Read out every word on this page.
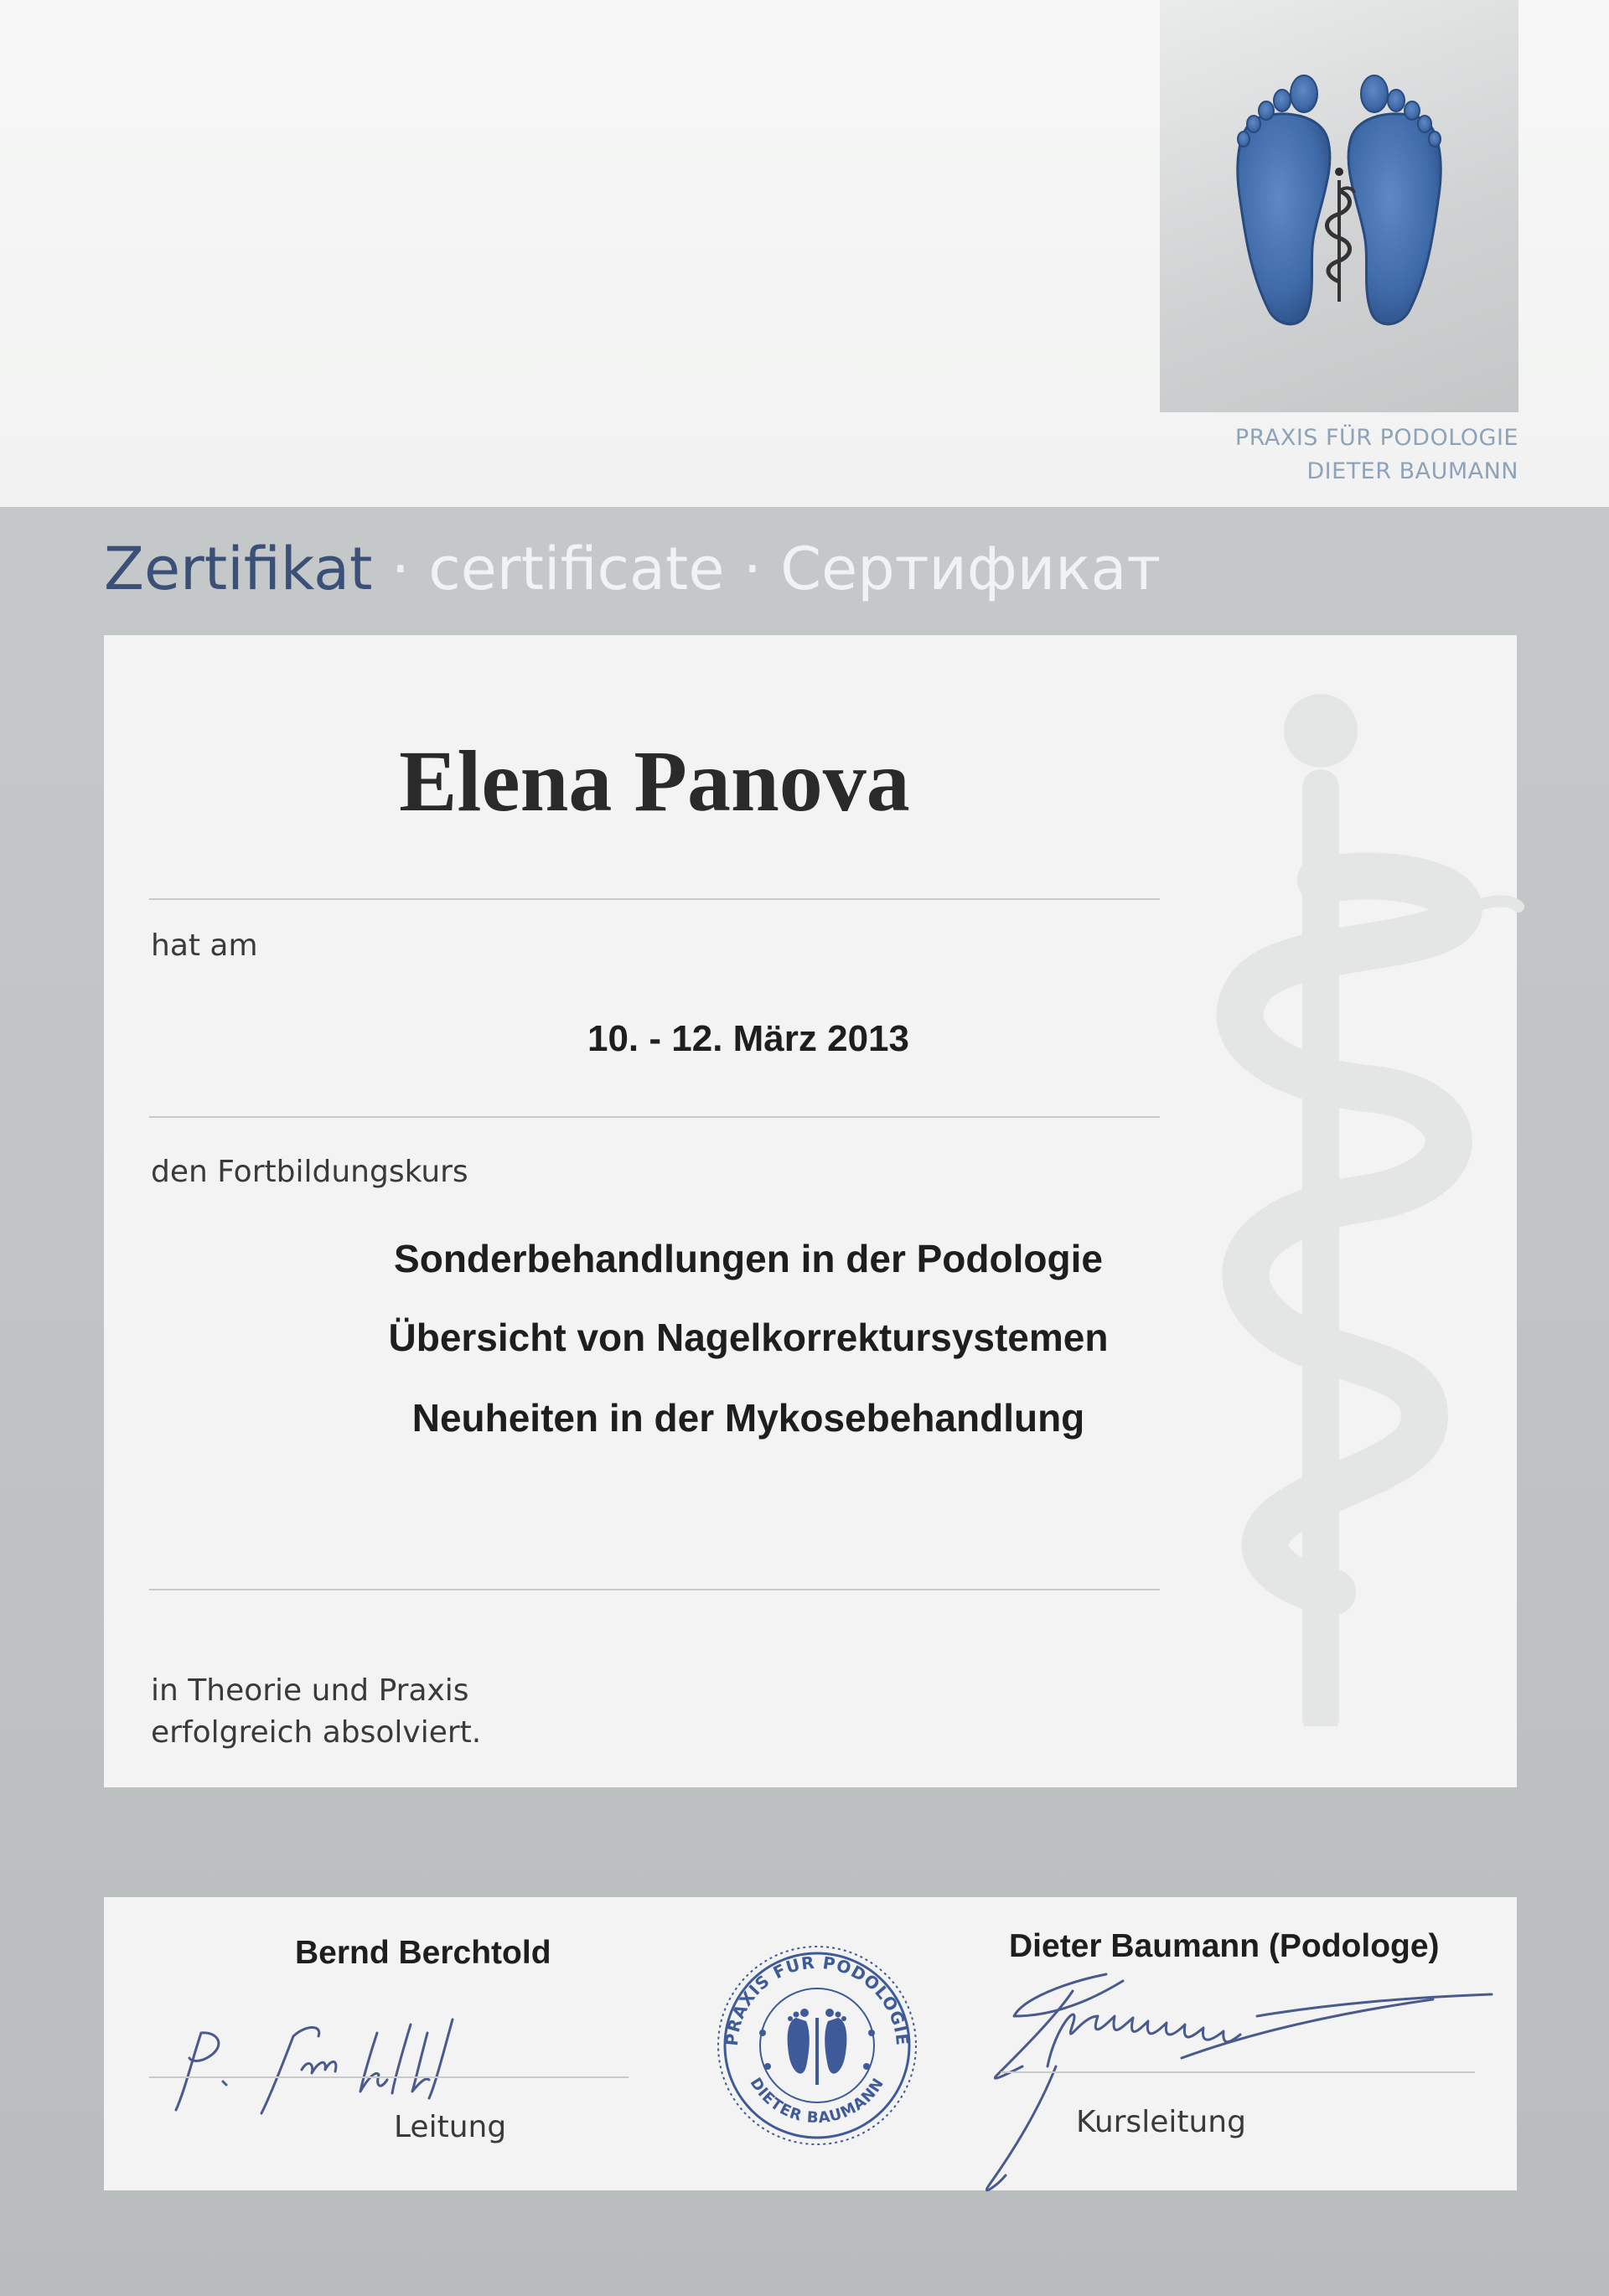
PRAXIS FÜR PODOLOGIE
DIETER BAUMANN
Zertifikat · certificate · Сертификат
Elena Panova
hat am
10. - 12. März 2013
den Fortbildungskurs
Sonderbehandlungen in der Podologie
Übersicht von Nagelkorrektursystemen
Neuheiten in der Mykosebehandlung
in Theorie und Praxis
erfolgreich absolviert.
Bernd Berchtold
Leitung
PRAXIS FÜR PODOLOGIE
DIETER BAUMANN
Dieter Baumann (Podologe)
Kursleitung
